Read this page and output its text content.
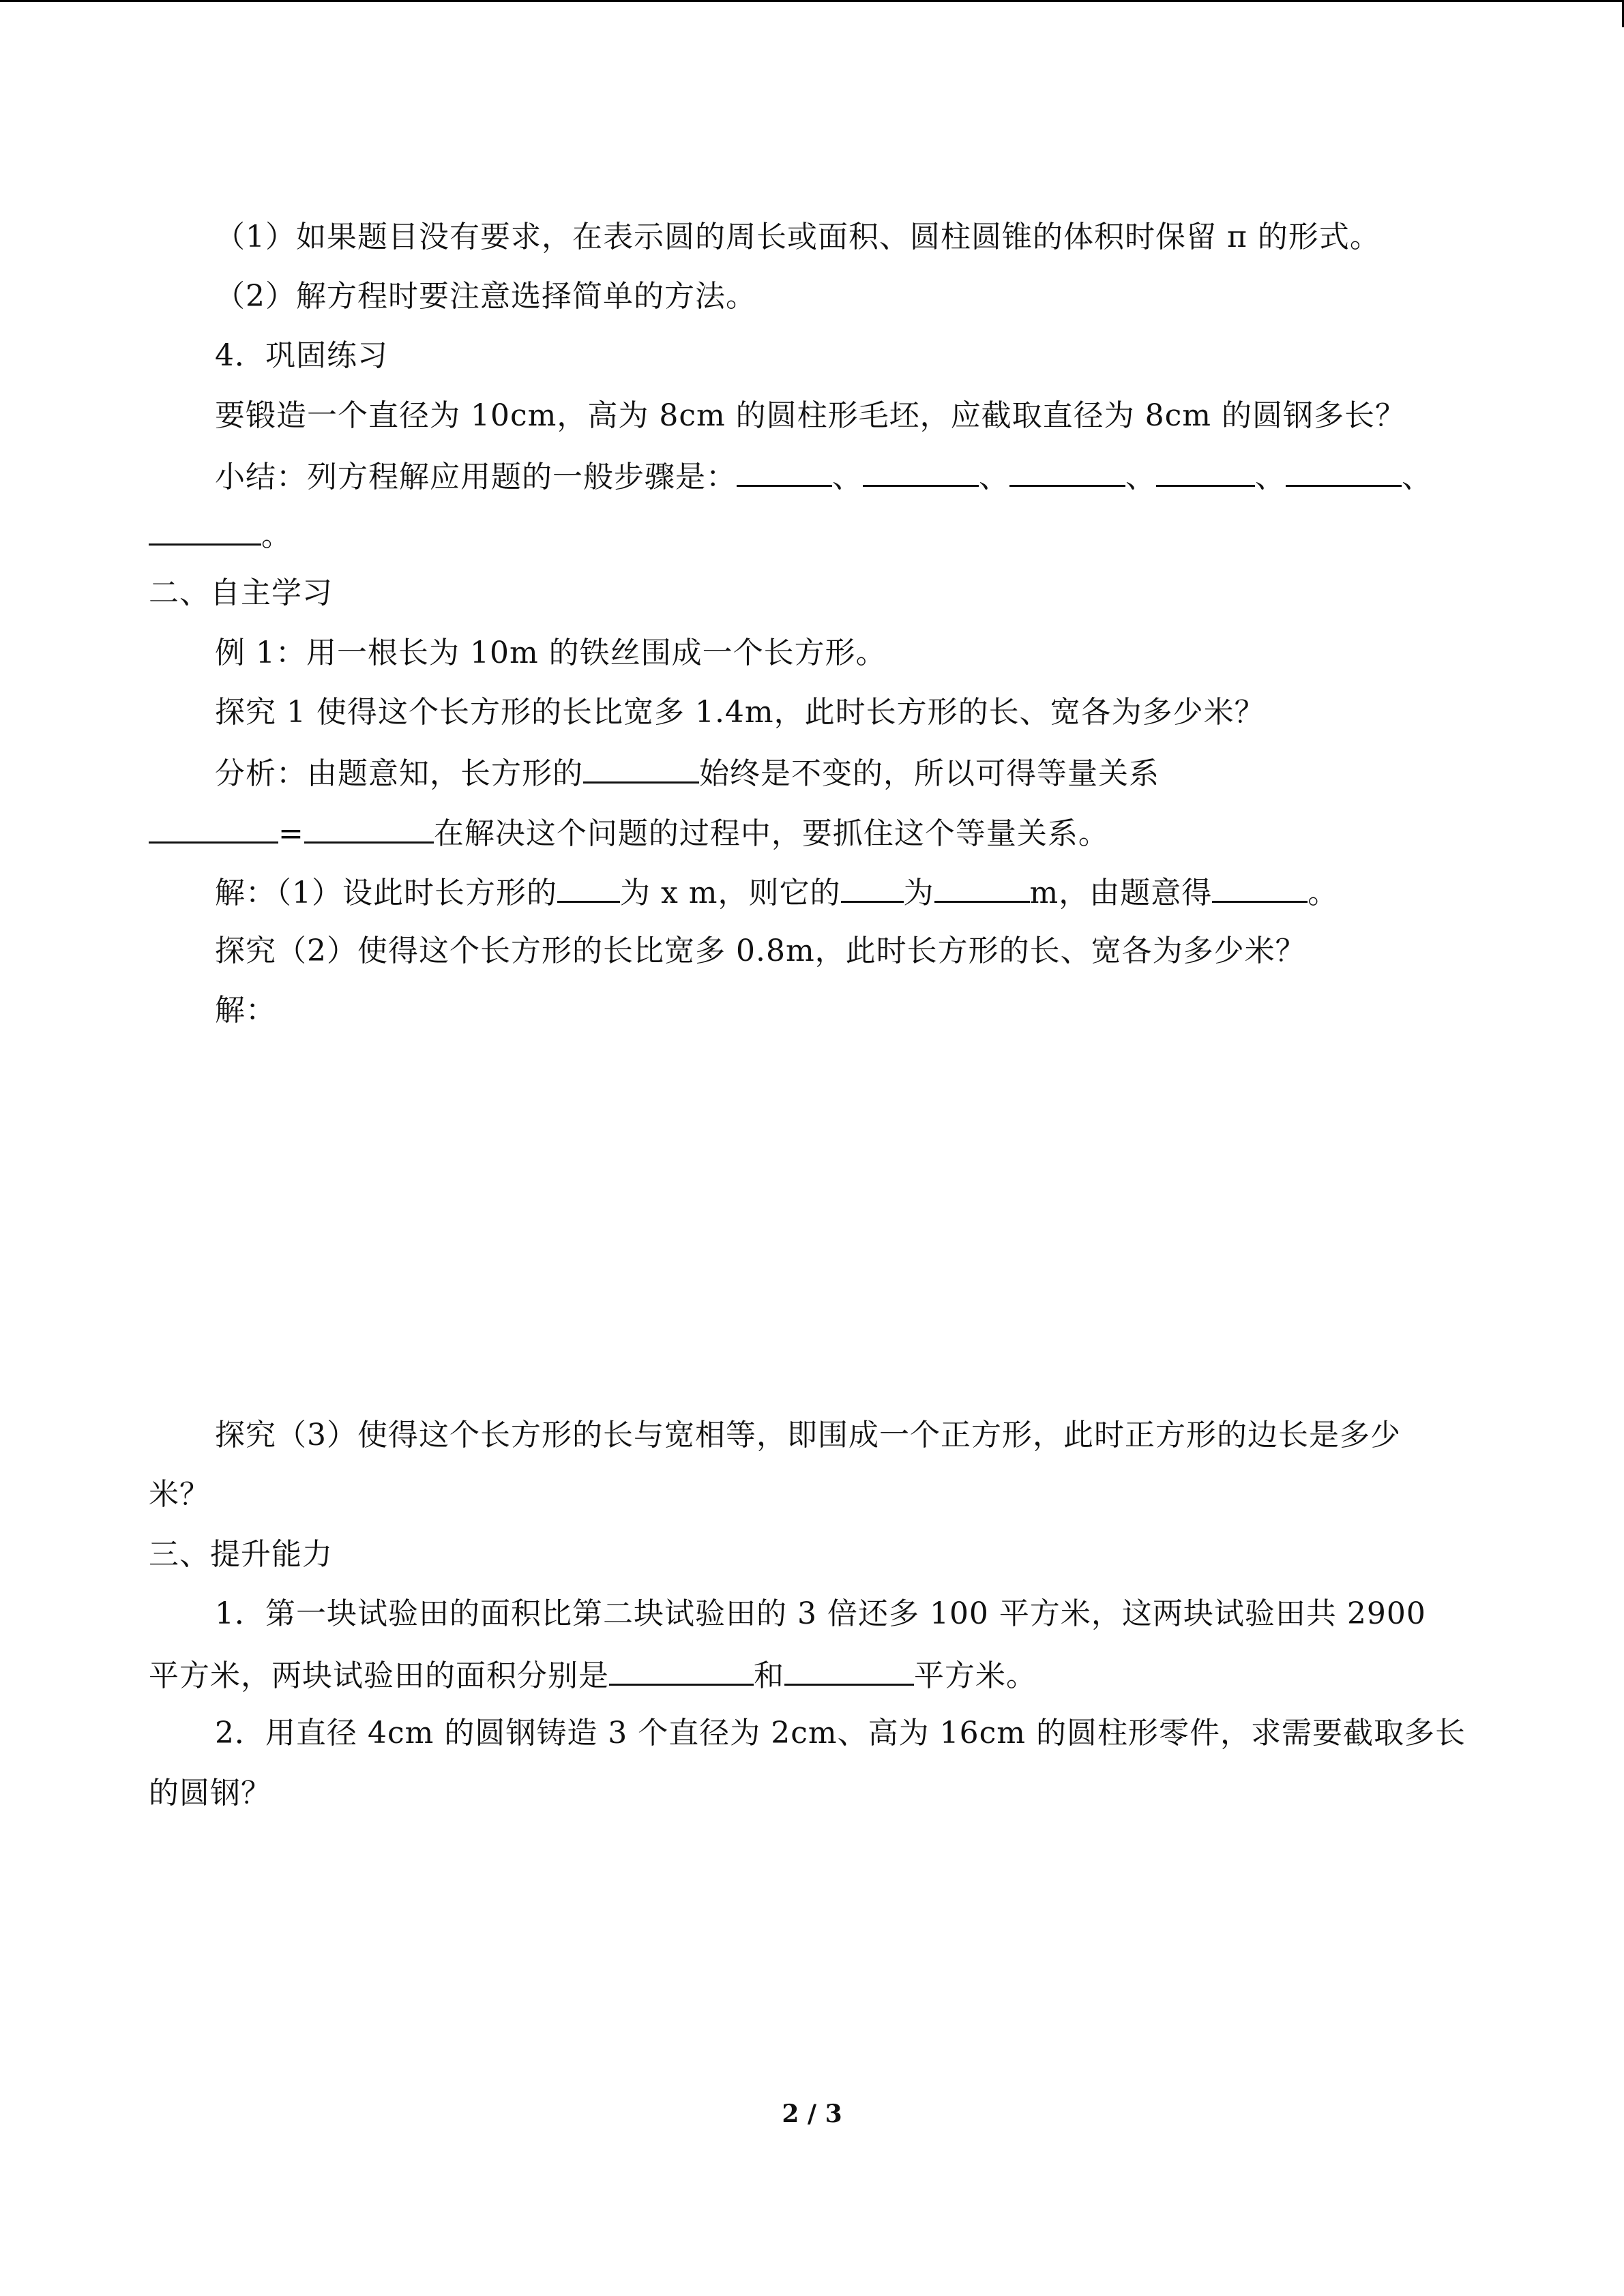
（1）如果题目没有要求，在表示圆的周长或面积、圆柱圆锥的体积时保留 π 的形式。
（2）解方程时要注意选择简单的方法。
4．巩固练习
要锻造一个直径为 10cm，高为 8cm 的圆柱形毛坯，应截取直径为 8cm 的圆钢多长？
小结：列方程解应用题的一般步骤是：	、	、	、	、	、
。
二、自主学习
例 1：用一根长为 10m 的铁丝围成一个长方形。
探究 1 使得这个长方形的长比宽多 1.4m，此时长方形的长、宽各为多少米？
分析：由题意知，长方形的	始终是不变的，所以可得等量关系
=	在解决这个问题的过程中，要抓住这个等量关系。
解：（1）设此时长方形的 为 x m，则它的 为	m，由题意得	。
探究（2）使得这个长方形的长比宽多 0.8m，此时长方形的长、宽各为多少米？
解：
探究（3）使得这个长方形的长与宽相等，即围成一个正方形，此时正方形的边长是多少
米？
三、提升能力
1．第一块试验田的面积比第二块试验田的 3 倍还多 100 平方米，这两块试验田共 2900
平方米，两块试验田的面积分别是	和	平方米。
2．用直径 4cm 的圆钢铸造 3 个直径为 2cm、高为 16cm 的圆柱形零件，求需要截取多长
的圆钢？
2 / 3
